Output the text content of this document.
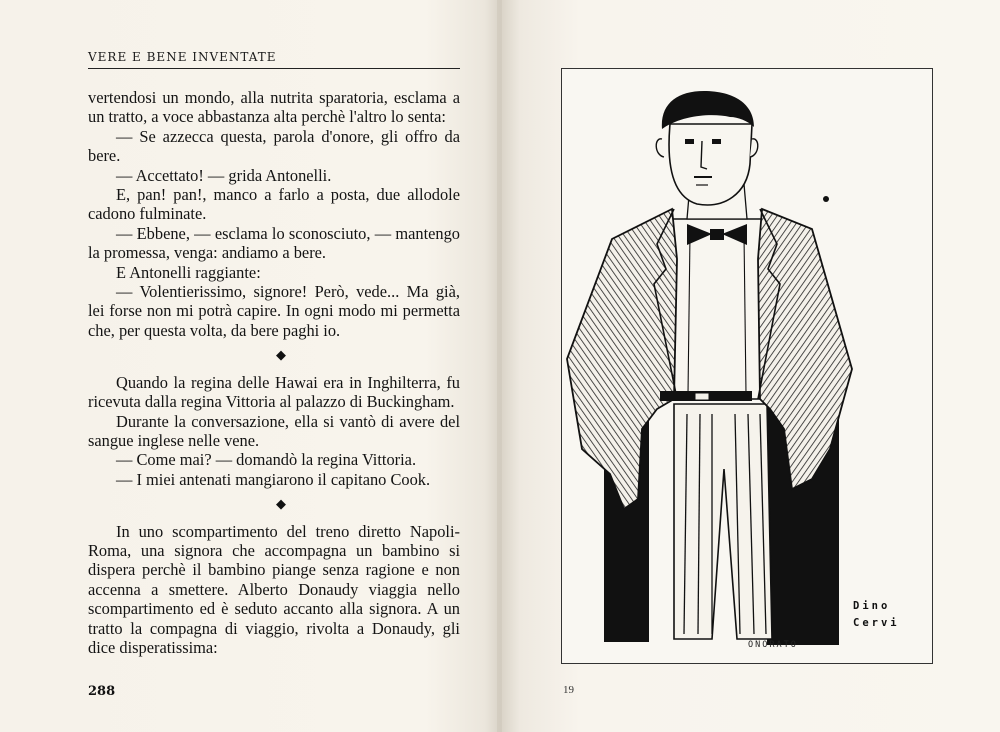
VERE E BENE INVENTATE

vertendosi un mondo, alla nutrita sparatoria, esclama a un tratto, a voce abbastanza alta perchè l'altro lo senta:

— Se azzecca questa, parola d'onore, gli offro da bere.

— Accettato! — grida Antonelli.

E, pan! pan!, manco a farlo a posta, due allodole cadono fulminate.

— Ebbene, — esclama lo sconosciuto, — mantengo la promessa, venga: andiamo a bere.

E Antonelli raggiante:

— Volentierissimo, signore! Però, vede... Ma già, lei forse non mi potrà capire. In ogni modo mi permetta che, per questa volta, da bere paghi io.

◆

Quando la regina delle Hawai era in Inghilterra, fu ricevuta dalla regina Vittoria al palazzo di Buckingham.

Durante la conversazione, ella si vantò di avere del sangue inglese nelle vene.

— Come mai? — domandò la regina Vittoria.

— I miei antenati mangiarono il capitano Cook.

◆

In uno scompartimento del treno diretto Napoli-Roma, una signora che accompagna un bambino si dispera perchè il bambino piange senza ragione e non accenna a smettere. Alberto Donaudy viaggia nello scompartimento ed è seduto accanto alla signora. A un tratto la compagna di viaggio, rivolta a Donaudy, gli dice disperatissima:

288	19
ONORATO
Dino
Cervi
